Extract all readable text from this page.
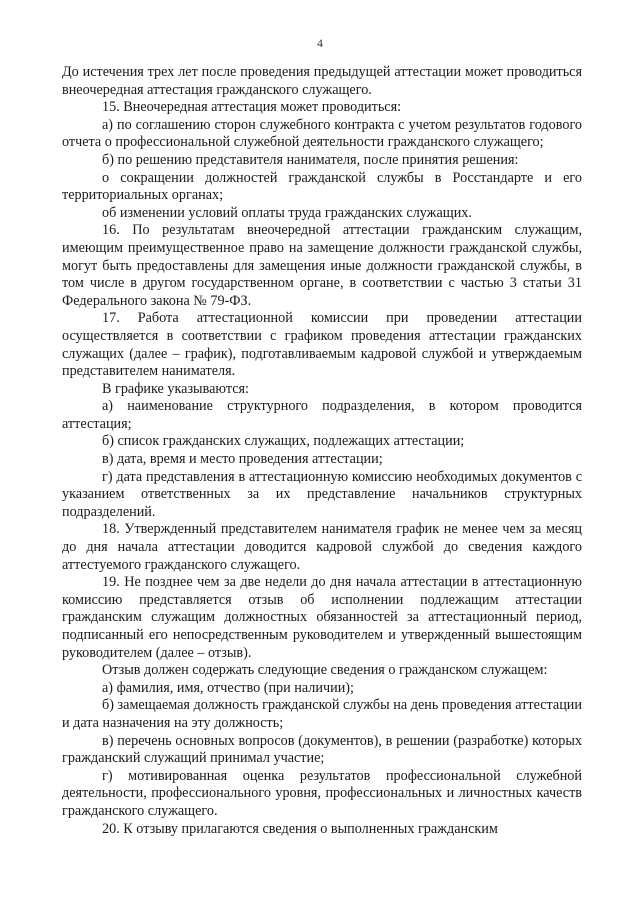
4

До истечения трех лет после проведения предыдущей аттестации может проводиться внеочередная аттестация гражданского служащего.

15. Внеочередная аттестация может проводиться:

а) по соглашению сторон служебного контракта с учетом результатов годового отчета о профессиональной служебной деятельности гражданского служащего;

б) по решению представителя нанимателя, после принятия решения:

о сокращении должностей гражданской службы в Росстандарте и его территориальных органах;

об изменении условий оплаты труда гражданских служащих.

16. По результатам внеочередной аттестации гражданским служащим, имеющим преимущественное право на замещение должности гражданской службы, могут быть предоставлены для замещения иные должности гражданской службы, в том числе в другом государственном органе, в соответствии с частью 3 статьи 31 Федерального закона № 79-ФЗ.

17. Работа аттестационной комиссии при проведении аттестации осуществляется в соответствии с графиком проведения аттестации гражданских служащих (далее – график), подготавливаемым кадровой службой и утверждаемым представителем нанимателя.

В графике указываются:

а) наименование структурного подразделения, в котором проводится аттестация;

б) список гражданских служащих, подлежащих аттестации;

в) дата, время и место проведения аттестации;

г) дата представления в аттестационную комиссию необходимых документов с указанием ответственных за их представление начальников структурных подразделений.

18. Утвержденный представителем нанимателя график не менее чем за месяц до дня начала аттестации доводится кадровой службой до сведения каждого аттестуемого гражданского служащего.

19. Не позднее чем за две недели до дня начала аттестации в аттестационную комиссию представляется отзыв об исполнении подлежащим аттестации гражданским служащим должностных обязанностей за аттестационный период, подписанный его непосредственным руководителем и утвержденный вышестоящим руководителем (далее – отзыв).

Отзыв должен содержать следующие сведения о гражданском служащем:

а) фамилия, имя, отчество (при наличии);

б) замещаемая должность гражданской службы на день проведения аттестации и дата назначения на эту должность;

в) перечень основных вопросов (документов), в решении (разработке) которых гражданский служащий принимал участие;

г) мотивированная оценка результатов профессиональной служебной деятельности, профессионального уровня, профессиональных и личностных качеств гражданского служащего.

20. К отзыву прилагаются сведения о выполненных гражданским
